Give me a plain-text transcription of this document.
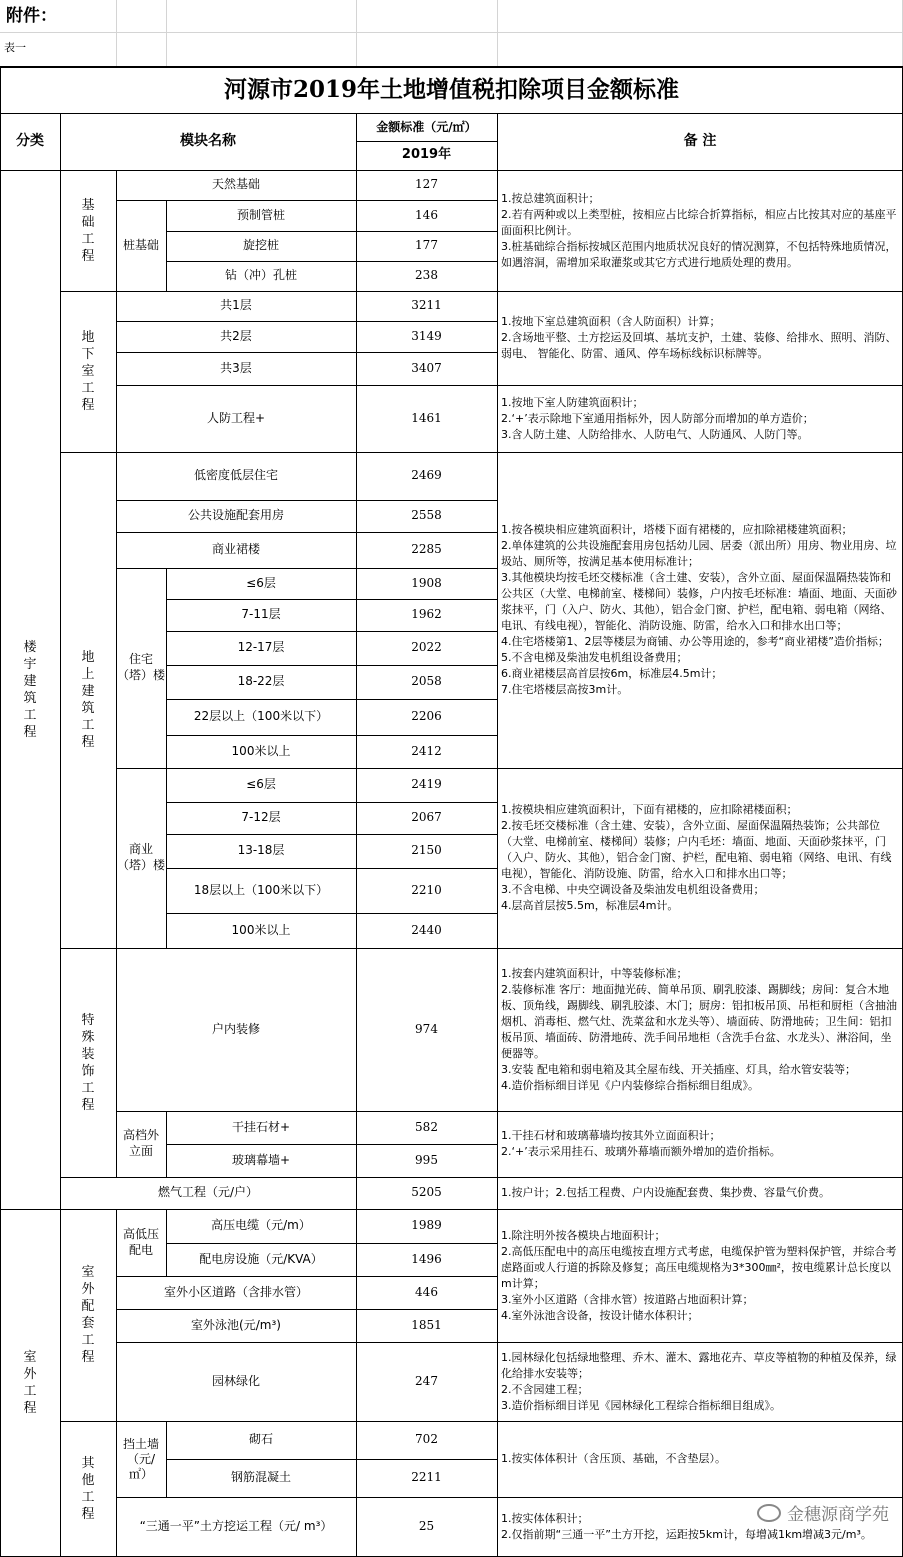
附件：
表一
河源市2019年土地增值税扣除项目金额标准
分类	模块名称
金额标准（元/㎡）
2019年
备 注
楼
宇
建
筑
工
程
室
外
工
程
基
础
工
程
地
下
室
工
程
地
上
建
筑
工
程
特
殊
装
饰
工
程
室
外
配
套
工
程
其
他
工
程
桩基础
住宅
（塔）楼
商业
（塔）楼
高档外
立面
高低压
配电
挡土墙
（元/
㎡）
天然基础
预制管桩
旋挖桩
钻（冲）孔桩
共1层
共2层
共3层
人防工程+
低密度低层住宅
公共设施配套用房
商业裙楼
≤6层
7-11层
12-17层
18-22层
22层以上（100米以下）
100米以上
≤6层
7-12层
13-18层
18层以上（100米以下）
100米以上
户内装修
干挂石材+
玻璃幕墙+
燃气工程（元/户）
高压电缆（元/m）
配电房设施（元/KVA）
室外小区道路（含排水管）
室外泳池(元/m³)
园林绿化
砌石
钢筋混凝土
“三通一平”土方挖运工程（元/ m³）
127
146
177
238
3211
3149
3407
1461
2469
2558
2285
1908
1962
2022
2058
2206
2412
2419
2067
2150
2210
2440
974
582
995
5205
1989
1496
446
1851
247
702
2211
25
1.按总建筑面积计；
2.若有两种或以上类型桩，按相应占比综合折算指标，相应占比按其对应的基座平面面积比例计。
3.桩基础综合指标按城区范围内地质状况良好的情况测算，不包括特殊地质情况，如遇溶洞，需增加采取灌浆或其它方式进行地质处理的费用。
1.按地下室总建筑面积（含人防面积）计算；
2.含场地平整、土方挖运及回填、基坑支护，土建、装修、给排水、照明、消防、弱电、 智能化、防雷、通风、停车场标线标识标牌等。
1.按地下室人防建筑面积计；
2.‘+’表示除地下室通用指标外，因人防部分而增加的单方造价；
3.含人防土建、人防给排水、人防电气、人防通风、人防门等。
1.按各模块相应建筑面积计，塔楼下面有裙楼的，应扣除裙楼建筑面积；
2.单体建筑的公共设施配套用房包括幼儿园、居委（派出所）用房、物业用房、垃圾站、厕所等，按满足基本使用标准计；
3.其他模块均按毛坯交楼标准（含土建、安装），含外立面、屋面保温隔热装饰和公共区（大堂、电梯前室、楼梯间）装修，户内按毛坯标准：墙面、地面、天面砂浆抹平，门（入户、防火、其他），铝合金门窗、护栏，配电箱、弱电箱（网络、电讯、有线电视），智能化、消防设施、防雷，给水入口和排水出口等；
4.住宅塔楼第1、2层等楼层为商铺、办公等用途的，参考“商业裙楼”造价指标；
5.不含电梯及柴油发电机组设备费用；
6.商业裙楼层高首层按6m，标准层4.5m计；
7.住宅塔楼层高按3m计。
1.按模块相应建筑面积计，下面有裙楼的，应扣除裙楼面积；
2.按毛坯交楼标准（含土建、安装），含外立面、屋面保温隔热装饰；公共部位（大堂、电梯前室、楼梯间）装修；户内毛坯：墙面、地面、天面砂浆抹平，门（入户、防火、其他），铝合金门窗、护栏，配电箱、弱电箱（网络、电讯、有线电视），智能化、消防设施、防雷，给水入口和排水出口等；
3.不含电梯、中央空调设备及柴油发电机组设备费用；
4.层高首层按5.5m，标准层4m计。
1.按套内建筑面积计，中等装修标准；
2.装修标准 客厅：地面抛光砖、简单吊顶、刷乳胶漆、踢脚线；房间：复合木地板、顶角线，踢脚线、刷乳胶漆、木门；厨房：铝扣板吊顶、吊柜和厨柜（含抽油烟机、消毒柜、燃气灶、洗菜盆和水龙头等）、墙面砖、防滑地砖；卫生间：铝扣板吊顶、墙面砖、防滑地砖、洗手间吊地柜（含洗手台盆、水龙头）、淋浴间，坐便器等。
3.安装 配电箱和弱电箱及其全屋布线、开关插座、灯具，给水管安装等；
4.造价指标细目详见《户内装修综合指标细目组成》。
1.干挂石材和玻璃幕墙均按其外立面面积计；
2.‘+’表示采用挂石、玻璃外幕墙而额外增加的造价指标。
1.按户计；2.包括工程费、户内设施配套费、集抄费、容量气价费。
1.除注明外按各模块占地面积计；
2.高低压配电中的高压电缆按直埋方式考虑，电缆保护管为塑料保护管，并综合考虑路面或人行道的拆除及修复；高压电缆规格为3*300㎜²，按电缆累计总长度以m计算；
3.室外小区道路（含排水管）按道路占地面积计算；
4.室外泳池含设备，按设计储水体积计；
1.园林绿化包括绿地整理、乔木、灌木、露地花卉、草皮等植物的种植及保养，绿化给排水安装等；
2.不含园建工程；
3.造价指标细目详见《园林绿化工程综合指标细目组成》。
1.按实体体积计（含压顶、基础，不含垫层）。
1.按实体体积计；
2.仅指前期“三通一平”土方开挖，运距按5km计，每增减1km增减3元/m³。
金穗源商学苑
